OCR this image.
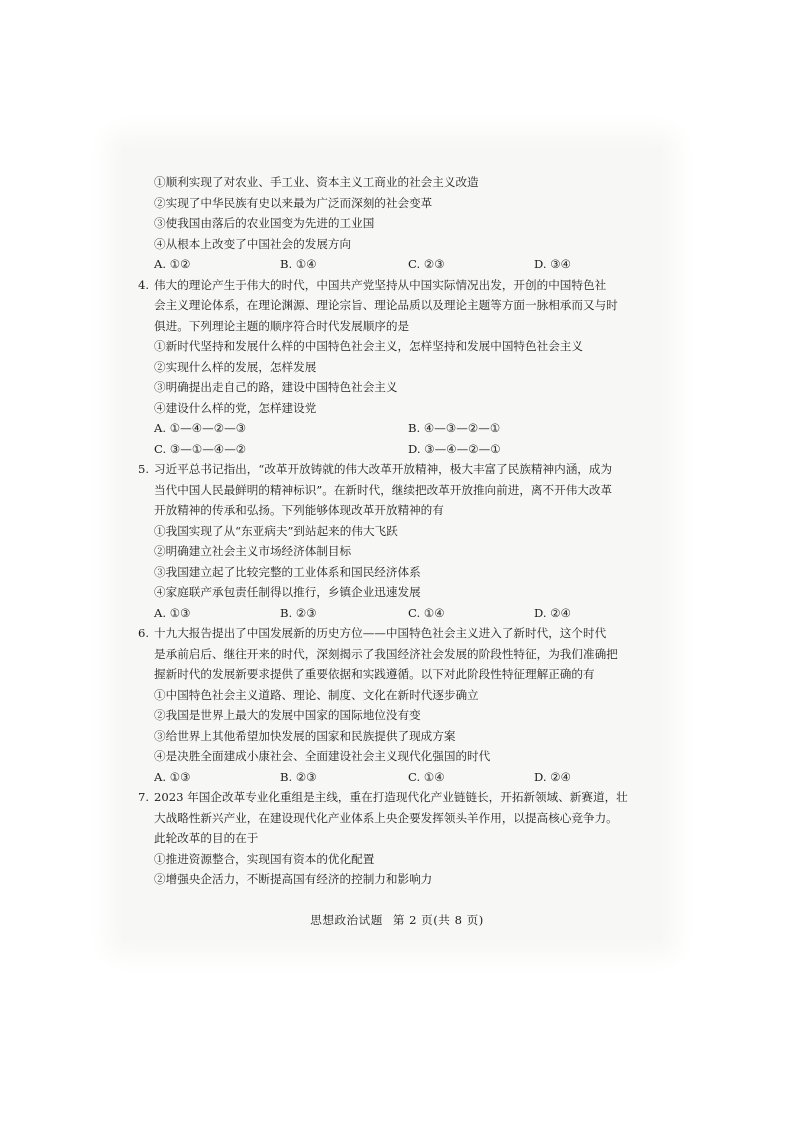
①顺利实现了对农业、手工业、资本主义工商业的社会主义改造
②实现了中华民族有史以来最为广泛而深刻的社会变革
③使我国由落后的农业国变为先进的工业国
④从根本上改变了中国社会的发展方向
A. ①②	B. ①④	C. ②③	D. ③④
4. 伟大的理论产生于伟大的时代，中国共产党坚持从中国实际情况出发，开创的中国特色社
会主义理论体系，在理论渊源、理论宗旨、理论品质以及理论主题等方面一脉相承而又与时
俱进。下列理论主题的顺序符合时代发展顺序的是
①新时代坚持和发展什么样的中国特色社会主义，怎样坚持和发展中国特色社会主义
②实现什么样的发展，怎样发展
③明确提出走自己的路，建设中国特色社会主义
④建设什么样的党，怎样建设党
A. ①—④—②—③	B. ④—③—②—①
C. ③—①—④—②	D. ③—④—②—①
5. 习近平总书记指出，“改革开放铸就的伟大改革开放精神，极大丰富了民族精神内涵，成为
当代中国人民最鲜明的精神标识”。在新时代，继续把改革开放推向前进，离不开伟大改革
开放精神的传承和弘扬。下列能够体现改革开放精神的有
①我国实现了从“东亚病夫”到站起来的伟大飞跃
②明确建立社会主义市场经济体制目标
③我国建立起了比较完整的工业体系和国民经济体系
④家庭联产承包责任制得以推行，乡镇企业迅速发展
A. ①③	B. ②③	C. ①④	D. ②④
6. 十九大报告提出了中国发展新的历史方位——中国特色社会主义进入了新时代，这个时代
是承前启后、继往开来的时代，深刻揭示了我国经济社会发展的阶段性特征，为我们准确把
握新时代的发展新要求提供了重要依据和实践遵循。以下对此阶段性特征理解正确的有
①中国特色社会主义道路、理论、制度、文化在新时代逐步确立
②我国是世界上最大的发展中国家的国际地位没有变
③给世界上其他希望加快发展的国家和民族提供了现成方案
④是决胜全面建成小康社会、全面建设社会主义现代化强国的时代
A. ①③	B. ②③	C. ①④	D. ②④
7. 2023 年国企改革专业化重组是主线，重在打造现代化产业链链长，开拓新领域、新赛道，壮
大战略性新兴产业，在建设现代化产业体系上央企要发挥领头羊作用，以提高核心竞争力。
此轮改革的目的在于
①推进资源整合，实现国有资本的优化配置
②增强央企活力，不断提高国有经济的控制力和影响力
思想政治试题 第 2 页(共 8 页)
